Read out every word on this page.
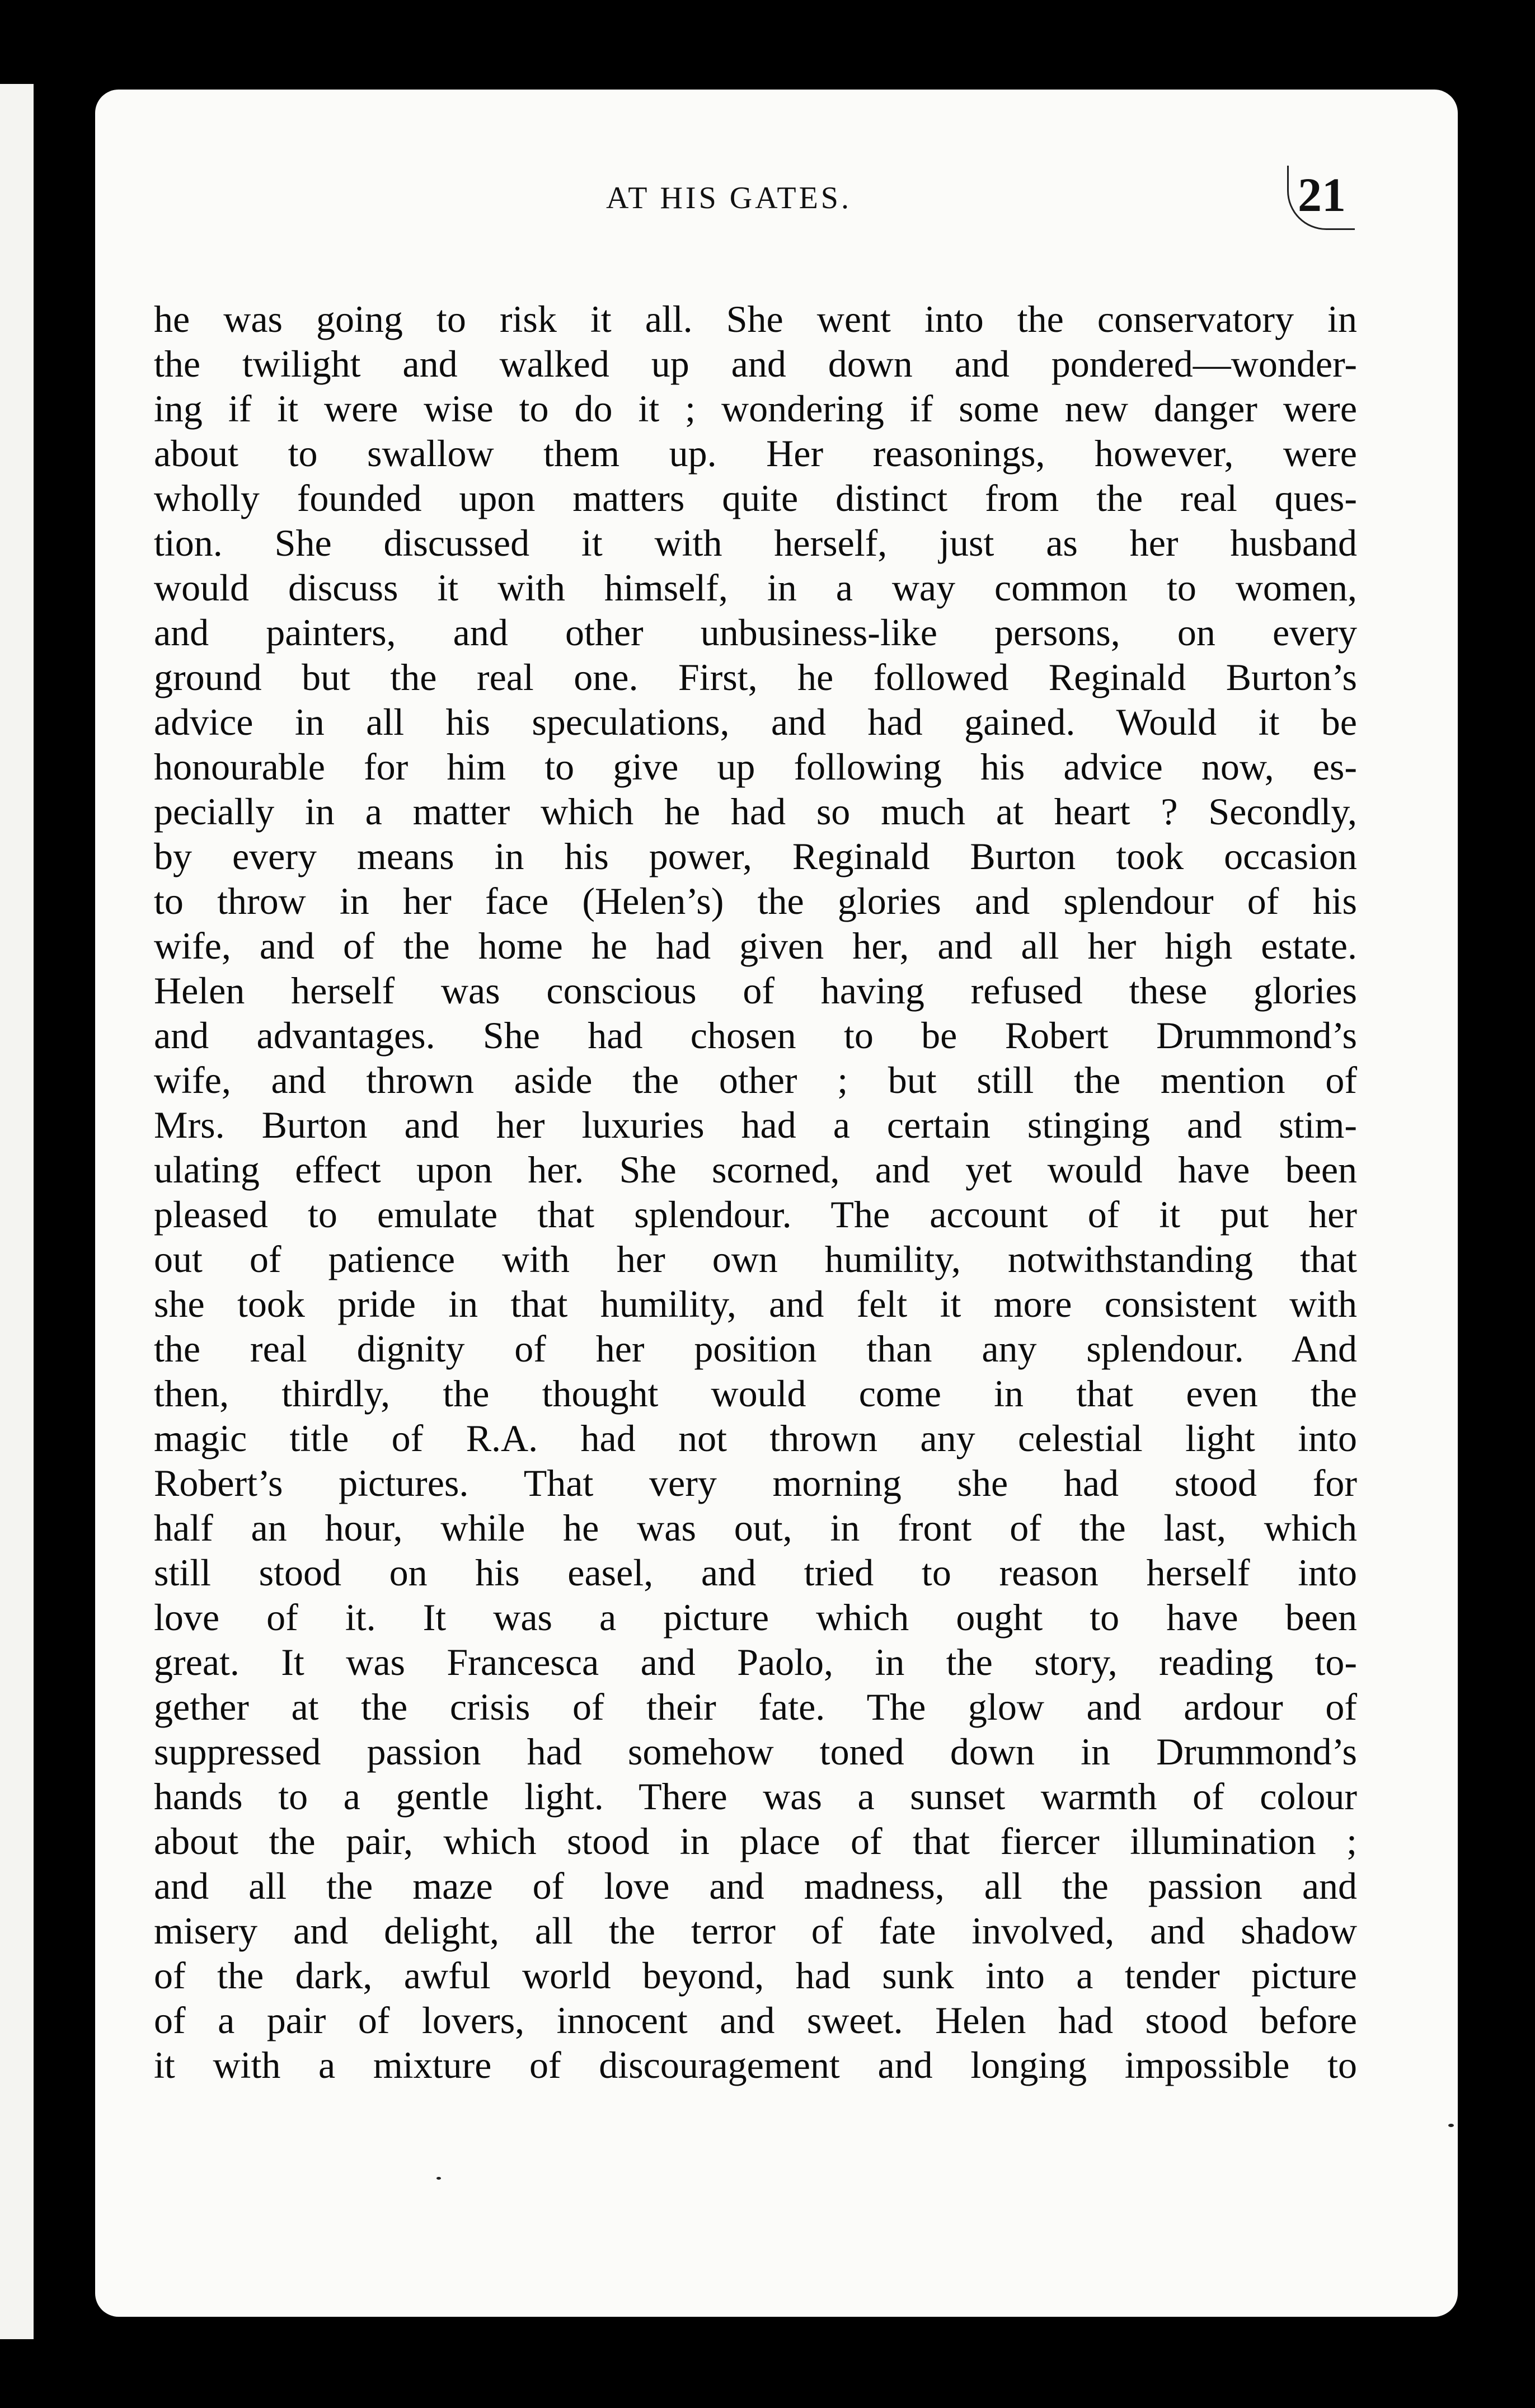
AT HIS GATES.	21
he was going to risk it all. She went into the conservatory in
the twilight and walked up and down and pondered—wonder-
ing if it were wise to do it ; wondering if some new danger were
about to swallow them up. Her reasonings, however, were
wholly founded upon matters quite distinct from the real ques-
tion. She discussed it with herself, just as her husband
would discuss it with himself, in a way common to women,
and painters, and other unbusiness-like persons, on every
ground but the real one. First, he followed Reginald Burton’s
advice in all his speculations, and had gained. Would it be
honourable for him to give up following his advice now, es-
pecially in a matter which he had so much at heart ? Secondly,
by every means in his power, Reginald Burton took occasion
to throw in her face (Helen’s) the glories and splendour of his
wife, and of the home he had given her, and all her high estate.
Helen herself was conscious of having refused these glories
and advantages. She had chosen to be Robert Drummond’s
wife, and thrown aside the other ; but still the mention of
Mrs. Burton and her luxuries had a certain stinging and stim-
ulating effect upon her. She scorned, and yet would have been
pleased to emulate that splendour. The account of it put her
out of patience with her own humility, notwithstanding that
she took pride in that humility, and felt it more consistent with
the real dignity of her position than any splendour. And
then, thirdly, the thought would come in that even the
magic title of R.A. had not thrown any celestial light into
Robert’s pictures. That very morning she had stood for
half an hour, while he was out, in front of the last, which
still stood on his easel, and tried to reason herself into
love of it. It was a picture which ought to have been
great. It was Francesca and Paolo, in the story, reading to-
gether at the crisis of their fate. The glow and ardour of
suppressed passion had somehow toned down in Drummond’s
hands to a gentle light. There was a sunset warmth of colour
about the pair, which stood in place of that fiercer illumination ;
and all the maze of love and madness, all the passion and
misery and delight, all the terror of fate involved, and shadow
of the dark, awful world beyond, had sunk into a tender picture
of a pair of lovers, innocent and sweet. Helen had stood before
it with a mixture of discouragement and longing impossible to
